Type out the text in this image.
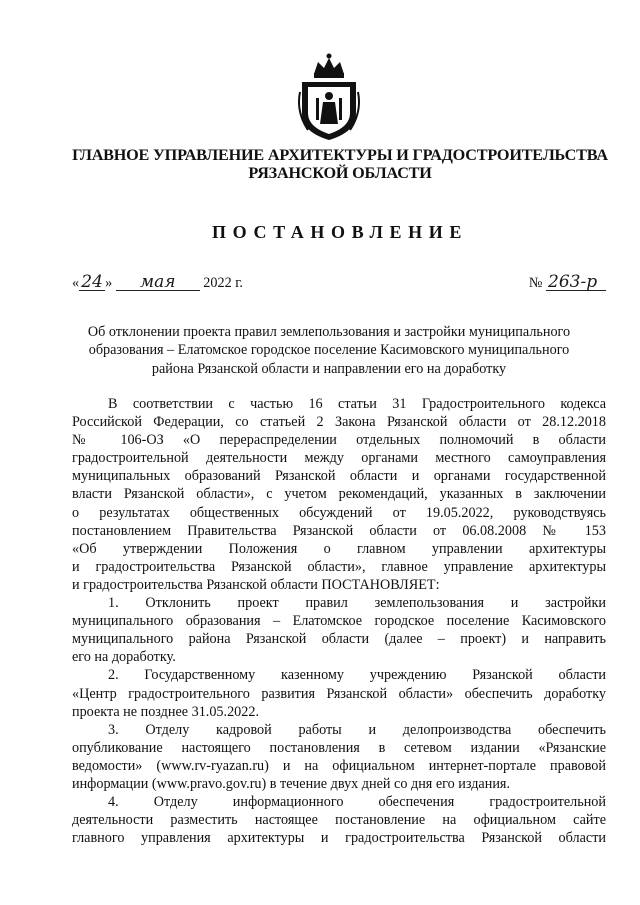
ГЛАВНОЕ УПРАВЛЕНИЕ АРХИТЕКТУРЫ И ГРАДОСТРОИТЕЛЬСТВА
РЯЗАНСКОЙ ОБЛАСТИ
ПОСТАНОВЛЕНИЕ
« 24 » мая 2022 г.	№ 263-р
Об отклонении проекта правил землепользования и застройки муниципального
образования – Елатомское городское поселение Касимовского муниципального
района Рязанской области и направлении его на доработку
В соответствии с частью 16 статьи 31 Градостроительного кодекса
Российской Федерации, со статьей 2 Закона Рязанской области от 28.12.2018
№ 106-ОЗ «О перераспределении отдельных полномочий в области
градостроительной деятельности между органами местного самоуправления
муниципальных образований Рязанской области и органами государственной
власти Рязанской области», с учетом рекомендаций, указанных в заключении
о результатах общественных обсуждений от 19.05.2022, руководствуясь
постановлением Правительства Рязанской области от 06.08.2008 № 153
«Об утверждении Положения о главном управлении архитектуры
и градостроительства Рязанской области», главное управление архитектуры
и градостроительства Рязанской области ПОСТАНОВЛЯЕТ:
1. Отклонить проект правил землепользования и застройки
муниципального образования – Елатомское городское поселение Касимовского
муниципального района Рязанской области (далее – проект) и направить
его на доработку.
2. Государственному казенному учреждению Рязанской области
«Центр градостроительного развития Рязанской области» обеспечить доработку
проекта не позднее 31.05.2022.
3. Отделу кадровой работы и делопроизводства обеспечить
опубликование настоящего постановления в сетевом издании «Рязанские
ведомости» (www.rv-ryazan.ru) и на официальном интернет-портале правовой
информации (www.pravo.gov.ru) в течение двух дней со дня его издания.
4. Отделу информационного обеспечения градостроительной
деятельности разместить настоящее постановление на официальном сайте
главного управления архитектуры и градостроительства Рязанской области
